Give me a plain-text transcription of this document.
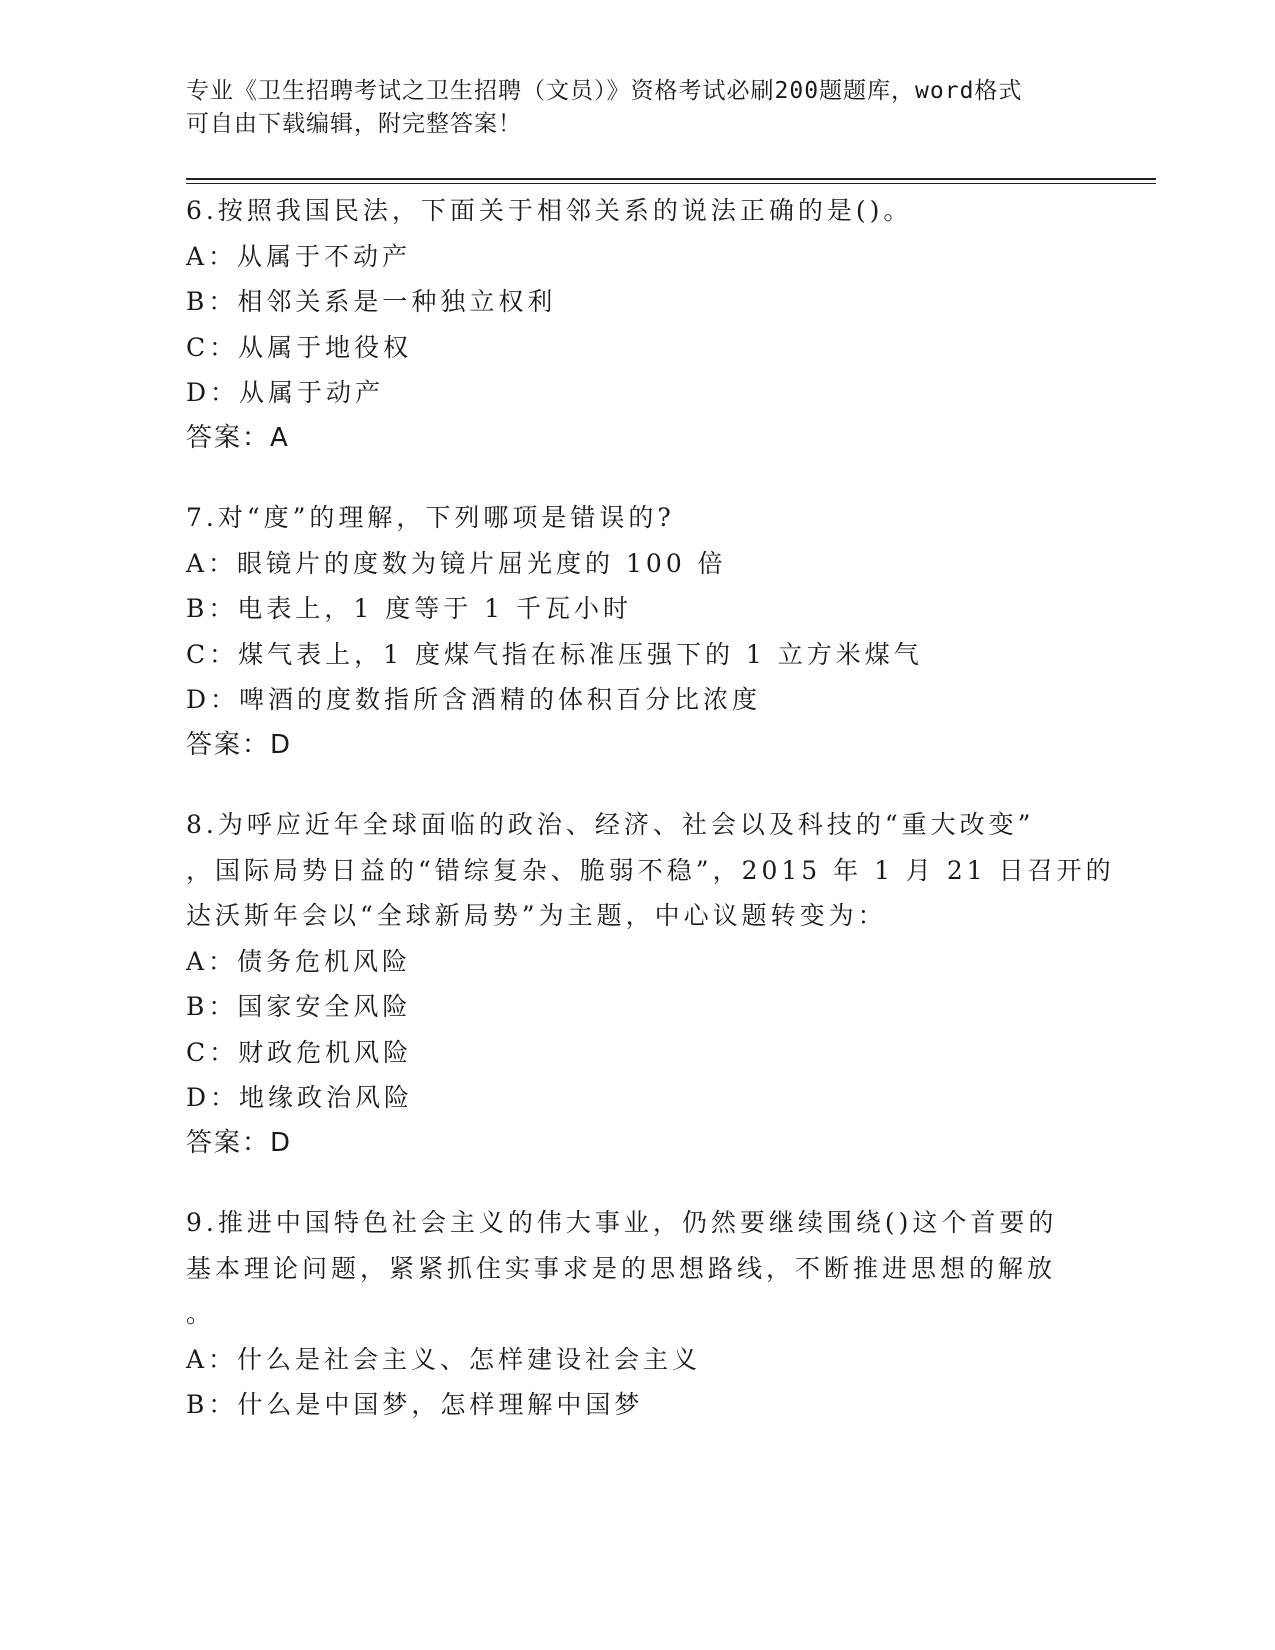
专业《卫生招聘考试之卫生招聘（文员）》资格考试必刷200题题库，word格式
可自由下载编辑，附完整答案！
6.按照我国民法，下面关于相邻关系的说法正确的是()。
A：从属于不动产
B：相邻关系是一种独立权利
C：从属于地役权
D：从属于动产
答案：A
7.对“度”的理解，下列哪项是错误的?
A：眼镜片的度数为镜片屈光度的 100 倍
B：电表上，1 度等于 1 千瓦小时
C：煤气表上，1 度煤气指在标准压强下的 1 立方米煤气
D：啤酒的度数指所含酒精的体积百分比浓度
答案：D
8.为呼应近年全球面临的政治、经济、社会以及科技的“重大改变”
，国际局势日益的“错综复杂、脆弱不稳”，2015 年 1 月 21 日召开的
达沃斯年会以“全球新局势”为主题，中心议题转变为：
A：债务危机风险
B：国家安全风险
C：财政危机风险
D：地缘政治风险
答案：D
9.推进中国特色社会主义的伟大事业，仍然要继续围绕()这个首要的
基本理论问题，紧紧抓住实事求是的思想路线，不断推进思想的解放
。
A：什么是社会主义、怎样建设社会主义
B：什么是中国梦，怎样理解中国梦
